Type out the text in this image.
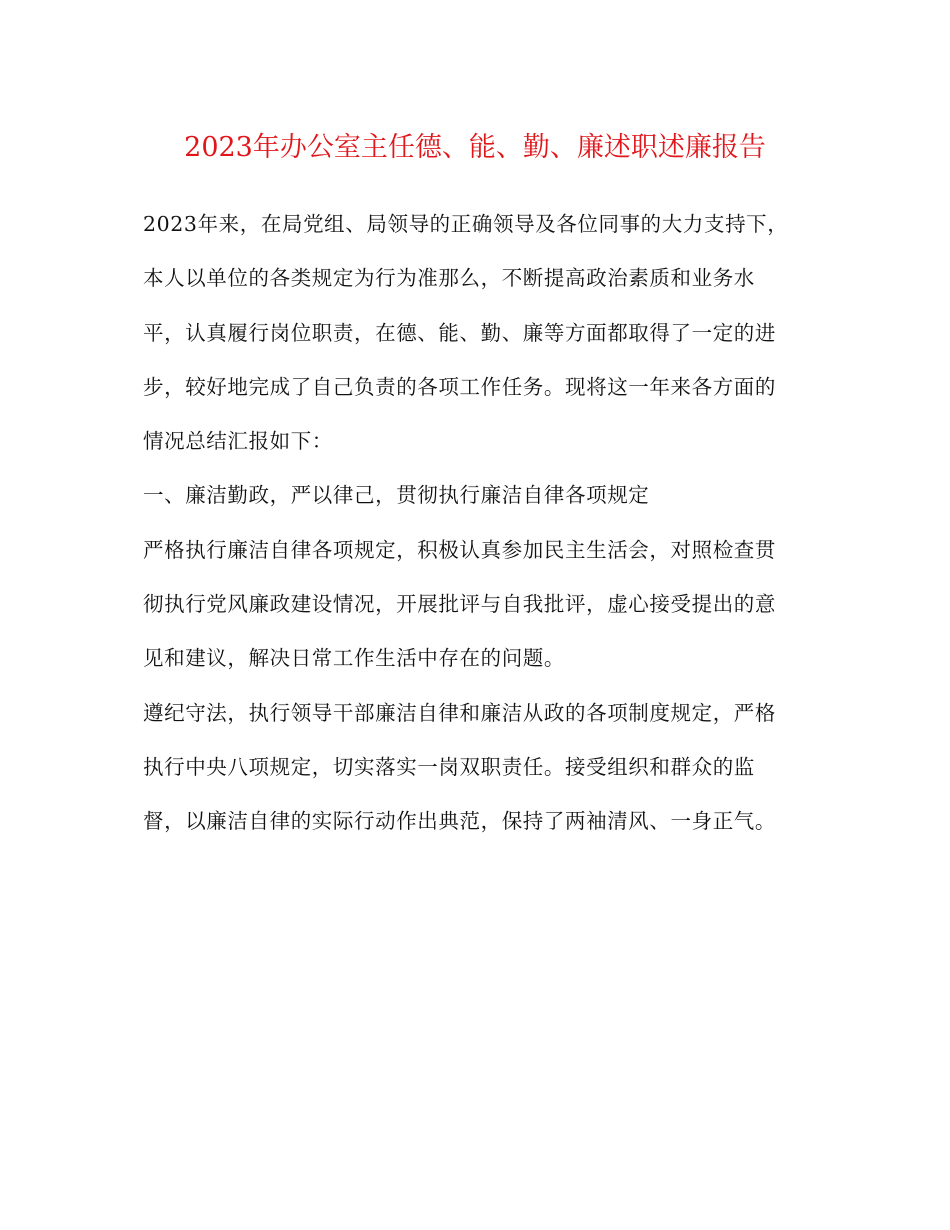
2023年办公室主任德、能、勤、廉述职述廉报告
2023年来，在局党组、局领导的正确领导及各位同事的大力支持下，
本人以单位的各类规定为行为准那么，不断提高政治素质和业务水
平，认真履行岗位职责，在德、能、勤、廉等方面都取得了一定的进
步，较好地完成了自己负责的各项工作任务。现将这一年来各方面的
情况总结汇报如下：
一、廉洁勤政，严以律己，贯彻执行廉洁自律各项规定
严格执行廉洁自律各项规定，积极认真参加民主生活会，对照检查贯
彻执行党风廉政建设情况，开展批评与自我批评，虚心接受提出的意
见和建议，解决日常工作生活中存在的问题。
遵纪守法，执行领导干部廉洁自律和廉洁从政的各项制度规定，严格
执行中央八项规定，切实落实一岗双职责任。接受组织和群众的监
督，以廉洁自律的实际行动作出典范，保持了两袖清风、一身正气。
